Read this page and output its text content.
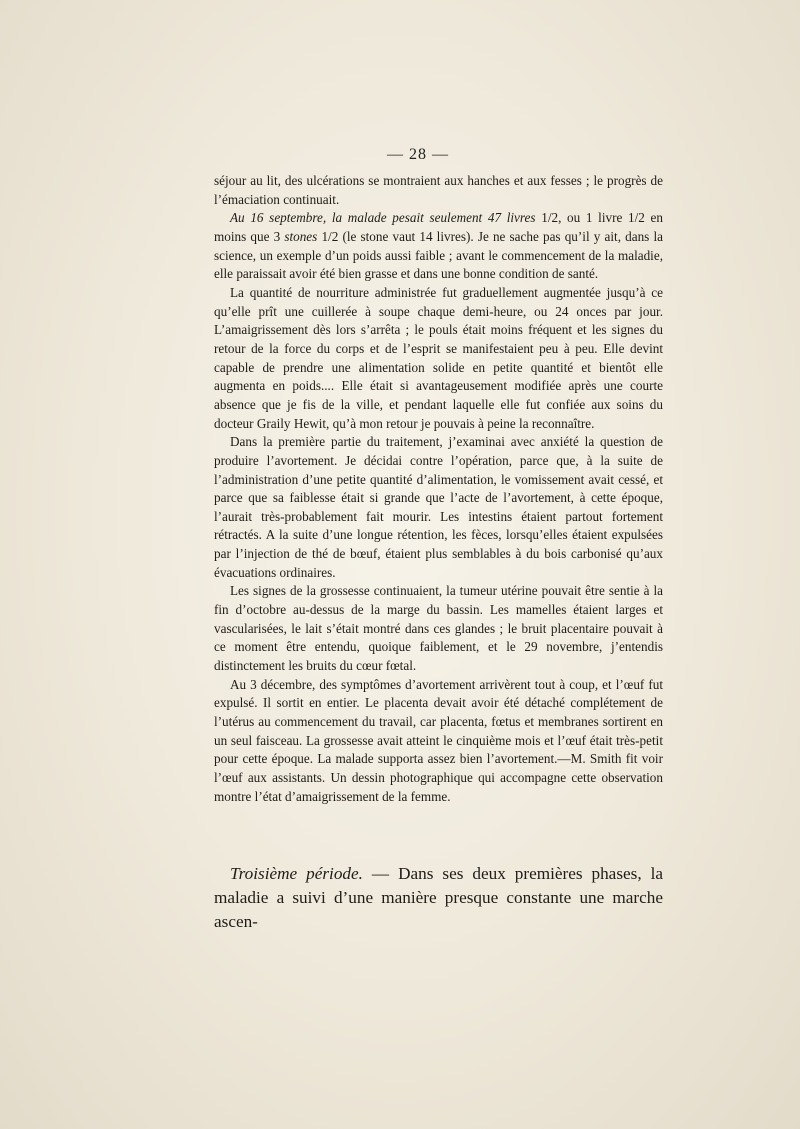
— 28 —

séjour au lit, des ulcérations se montraient aux hanches et aux fesses ; le progrès de l’émaciation continuait.

Au 16 septembre, la malade pesait seulement 47 livres 1/2, ou 1 livre 1/2 en moins que 3 stones 1/2 (le stone vaut 14 livres). Je ne sache pas qu’il y ait, dans la science, un exemple d’un poids aussi faible ; avant le commencement de la maladie, elle paraissait avoir été bien grasse et dans une bonne condition de santé.

La quantité de nourriture administrée fut graduellement augmentée jusqu’à ce qu’elle prît une cuillerée à soupe chaque demi-heure, ou 24 onces par jour. L’amaigrissement dès lors s’arrêta ; le pouls était moins fréquent et les signes du retour de la force du corps et de l’esprit se manifestaient peu à peu. Elle devint capable de prendre une alimentation solide en petite quantité et bientôt elle augmenta en poids.... Elle était si avantageusement modifiée après une courte absence que je fis de la ville, et pendant laquelle elle fut confiée aux soins du docteur Graily Hewit, qu’à mon retour je pouvais à peine la reconnaître.

Dans la première partie du traitement, j’examinai avec anxiété la question de produire l’avortement. Je décidai contre l’opération, parce que, à la suite de l’administration d’une petite quantité d’alimentation, le vomissement avait cessé, et parce que sa faiblesse était si grande que l’acte de l’avortement, à cette époque, l’aurait très-probablement fait mourir. Les intestins étaient partout fortement rétractés. A la suite d’une longue rétention, les fèces, lorsqu’elles étaient expulsées par l’injection de thé de bœuf, étaient plus semblables à du bois carbonisé qu’aux évacuations ordinaires.

Les signes de la grossesse continuaient, la tumeur utérine pouvait être sentie à la fin d’octobre au-dessus de la marge du bassin. Les mamelles étaient larges et vascularisées, le lait s’était montré dans ces glandes ; le bruit placentaire pouvait à ce moment être entendu, quoique faiblement, et le 29 novembre, j’entendis distinctement les bruits du cœur fœtal.

Au 3 décembre, des symptômes d’avortement arrivèrent tout à coup, et l’œuf fut expulsé. Il sortit en entier. Le placenta devait avoir été détaché complétement de l’utérus au commencement du travail, car placenta, fœtus et membranes sortirent en un seul faisceau. La grossesse avait atteint le cinquième mois et l’œuf était très-petit pour cette époque. La malade supporta assez bien l’avortement.—M. Smith fit voir l’œuf aux assistants. Un dessin photographique qui accompagne cette observation montre l’état d’amaigrissement de la femme.

Troisième période. — Dans ses deux premières phases, la maladie a suivi d’une manière presque constante une marche ascen-
